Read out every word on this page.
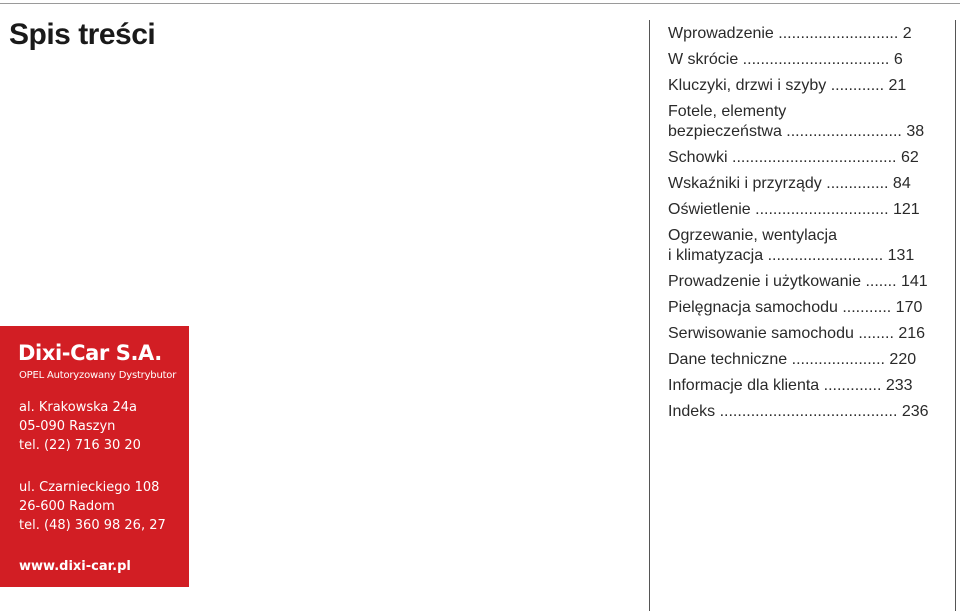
Spis treści
Dixi-Car S.A.
OPEL Autoryzowany Dystrybutor
al. Krakowska 24a
05-090 Raszyn
tel. (22) 716 30 20
ul. Czarnieckiego 108
26-600 Radom
tel. (48) 360 98 26, 27
www.dixi-car.pl
Wprowadzenie ........................... 2
W skrócie ................................. 6
Kluczyki, drzwi i szyby ............ 21
Fotele, elementy
bezpieczeństwa .......................... 38
Schowki ..................................... 62
Wskaźniki i przyrządy .............. 84
Oświetlenie .............................. 121
Ogrzewanie, wentylacja
i klimatyzacja .......................... 131
Prowadzenie i użytkowanie ....... 141
Pielęgnacja samochodu ........... 170
Serwisowanie samochodu ........ 216
Dane techniczne ..................... 220
Informacje dla klienta ............. 233
Indeks ........................................ 236
